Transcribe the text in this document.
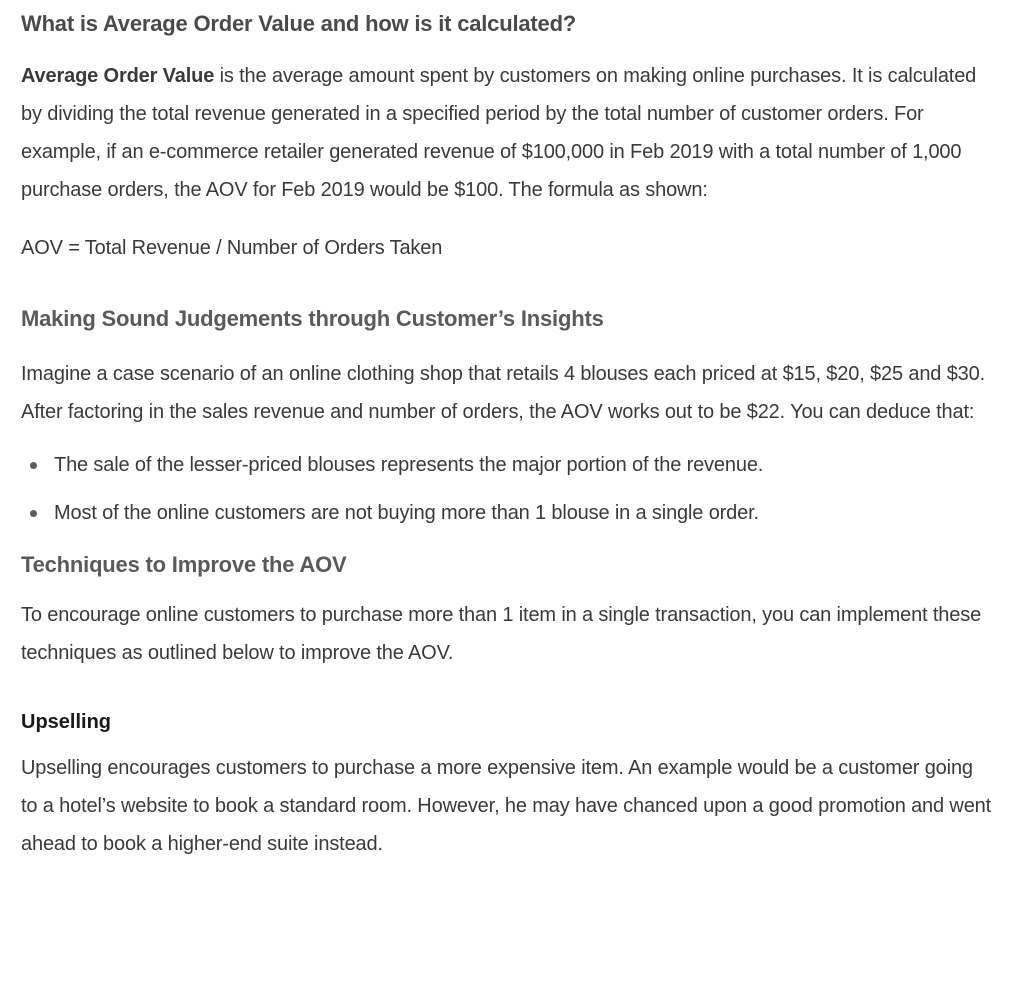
What is Average Order Value and how is it calculated?

Average Order Value is the average amount spent by customers on making online purchases. It is calculated by dividing the total revenue generated in a specified period by the total number of customer orders. For example, if an e-commerce retailer generated revenue of $100,000 in Feb 2019 with a total number of 1,000 purchase orders, the AOV for Feb 2019 would be $100. The formula as shown:

AOV = Total Revenue / Number of Orders Taken

Making Sound Judgements through Customer’s Insights

Imagine a case scenario of an online clothing shop that retails 4 blouses each priced at $15, $20, $25 and $30. After factoring in the sales revenue and number of orders, the AOV works out to be $22. You can deduce that:

The sale of the lesser-priced blouses represents the major portion of the revenue.
Most of the online customers are not buying more than 1 blouse in a single order.
Techniques to Improve the AOV

To encourage online customers to purchase more than 1 item in a single transaction, you can implement these techniques as outlined below to improve the AOV.

Upselling

Upselling encourages customers to purchase a more expensive item. An example would be a customer going to a hotel’s website to book a standard room. However, he may have chanced upon a good promotion and went ahead to book a higher-end suite instead.
